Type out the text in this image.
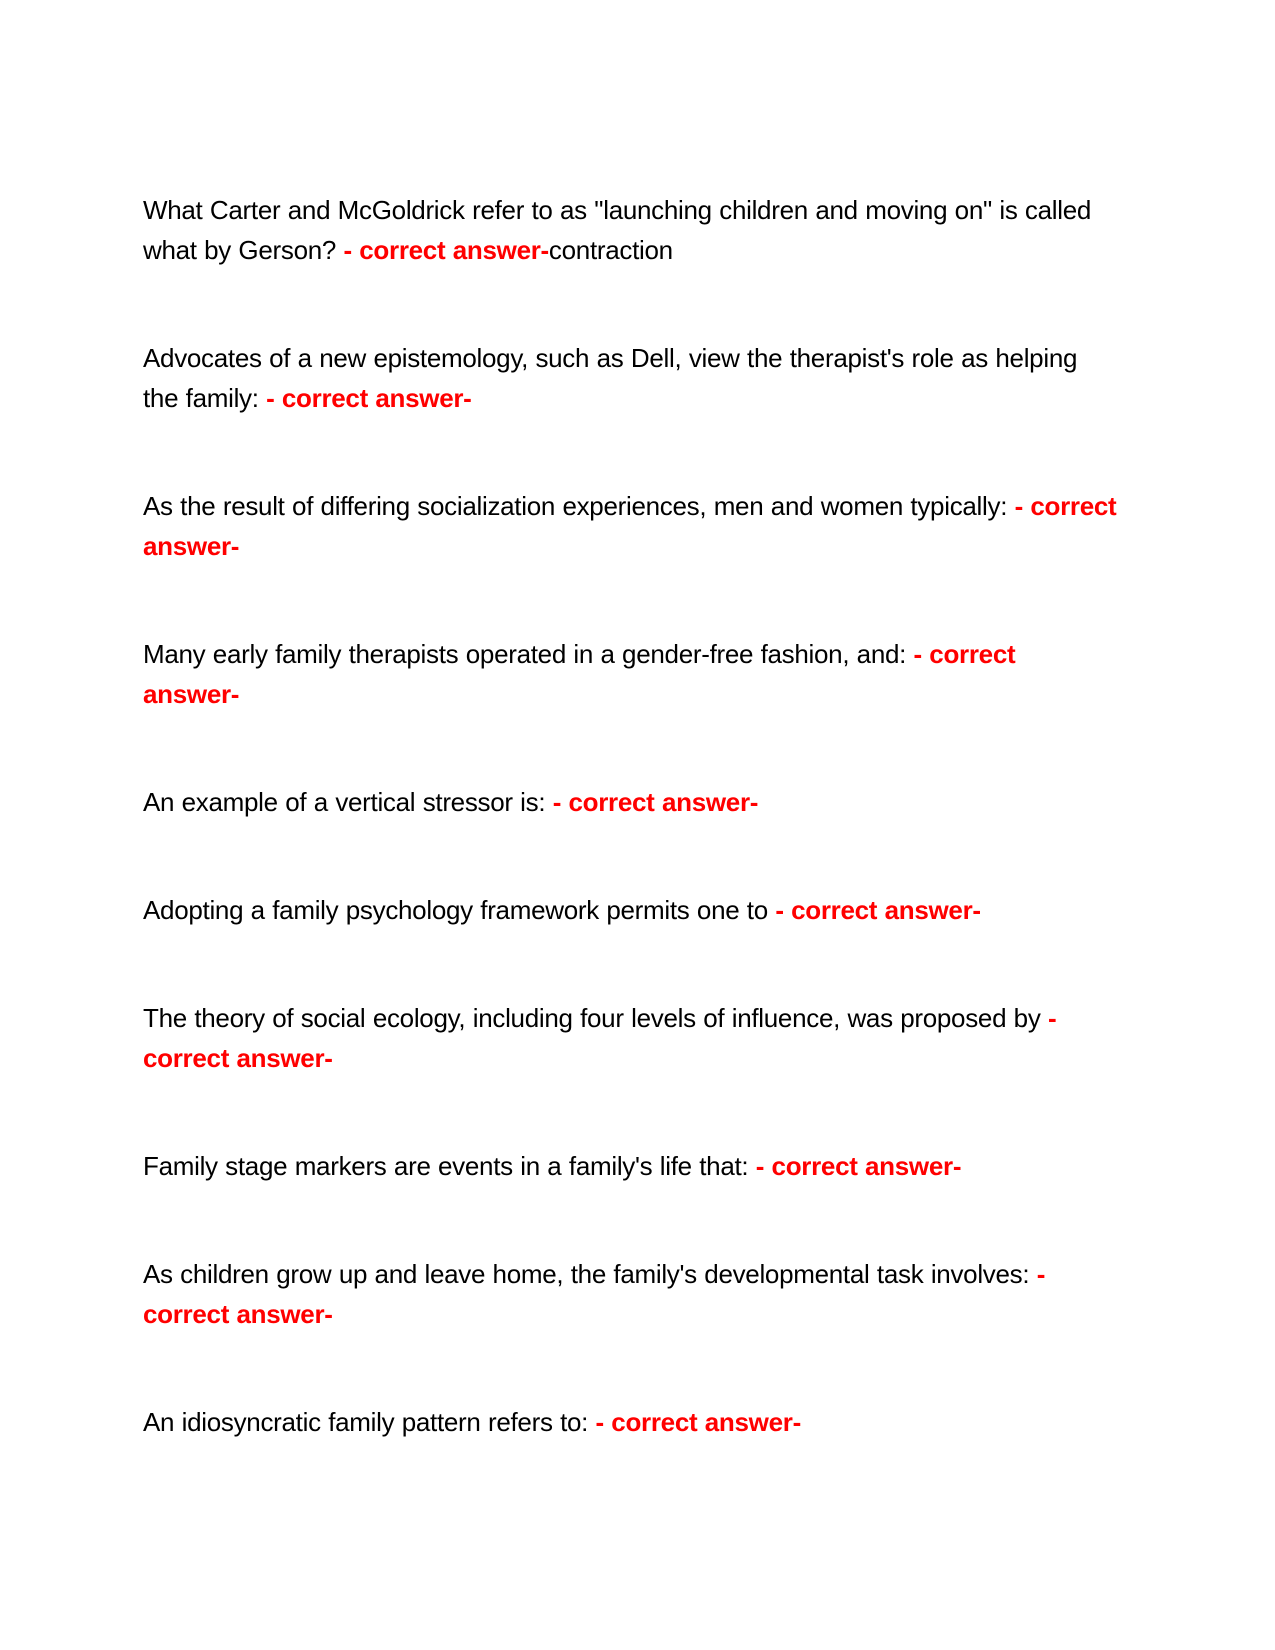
What Carter and McGoldrick refer to as "launching children and moving on" is called what by Gerson? - correct answer-contraction

Advocates of a new epistemology, such as Dell, view the therapist's role as helping the family: - correct answer-

As the result of differing socialization experiences, men and women typically: - correct answer-

Many early family therapists operated in a gender-free fashion, and: - correct answer-

An example of a vertical stressor is: - correct answer-

Adopting a family psychology framework permits one to - correct answer-

The theory of social ecology, including four levels of influence, was proposed by - correct answer-

Family stage markers are events in a family's life that: - correct answer-

As children grow up and leave home, the family's developmental task involves: - correct answer-

An idiosyncratic family pattern refers to: - correct answer-
